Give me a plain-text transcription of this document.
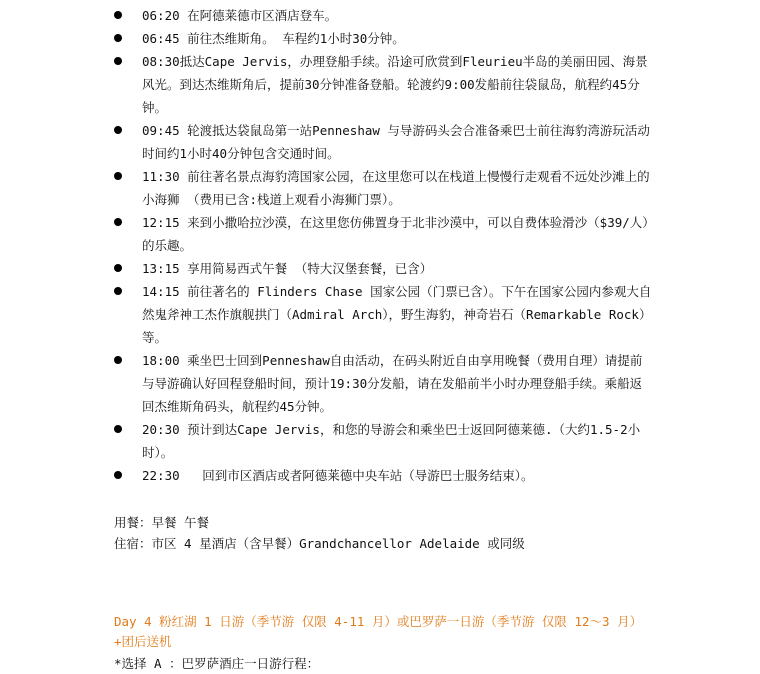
06:20 在阿德莱德市区酒店登车。
06:45 前往杰维斯角。 车程约1小时30分钟。
08:30抵达Cape Jervis，办理登船手续。沿途可欣赏到Fleurieu半岛的美丽田园、海景风光。到达杰维斯角后，提前30分钟准备登船。轮渡约9:00发船前往袋鼠岛，航程约45分钟。
09:45 轮渡抵达袋鼠岛第一站Penneshaw 与导游码头会合准备乘巴士前往海豹湾游玩活动时间约1小时40分钟包含交通时间。
11:30 前往著名景点海豹湾国家公园，在这里您可以在栈道上慢慢行走观看不远处沙滩上的小海狮 （费用已含:栈道上观看小海狮门票）。
12:15 来到小撒哈拉沙漠，在这里您仿佛置身于北非沙漠中，可以自费体验滑沙（$39/人）的乐趣。
13:15 享用简易西式午餐 （特大汉堡套餐，已含）
14:15 前往著名的 Flinders Chase 国家公园（门票已含）。下午在国家公园内参观大自然鬼斧神工杰作旗舰拱门（Admiral Arch），野生海豹，神奇岩石（Remarkable Rock）等。
18:00 乘坐巴士回到Penneshaw自由活动，在码头附近自由享用晚餐（费用自理）请提前与导游确认好回程登船时间，预计19:30分发船，请在发船前半小时办理登船手续。乘船返回杰维斯角码头，航程约45分钟。
20:30 预计到达Cape Jervis，和您的导游会和乘坐巴士返回阿德莱德.（大约1.5-2小时）。
22:30 回到市区酒店或者阿德莱德中央车站（导游巴士服务结束）。
用餐：早餐 午餐
住宿：市区 4 星酒店（含早餐）Grandchancellor Adelaide 或同级
Day 4 粉红湖 1 日游（季节游 仅限 4-11 月）或巴罗萨一日游（季节游 仅限 12～3 月）+团后送机
*选择 A ：巴罗萨酒庄一日游行程：
